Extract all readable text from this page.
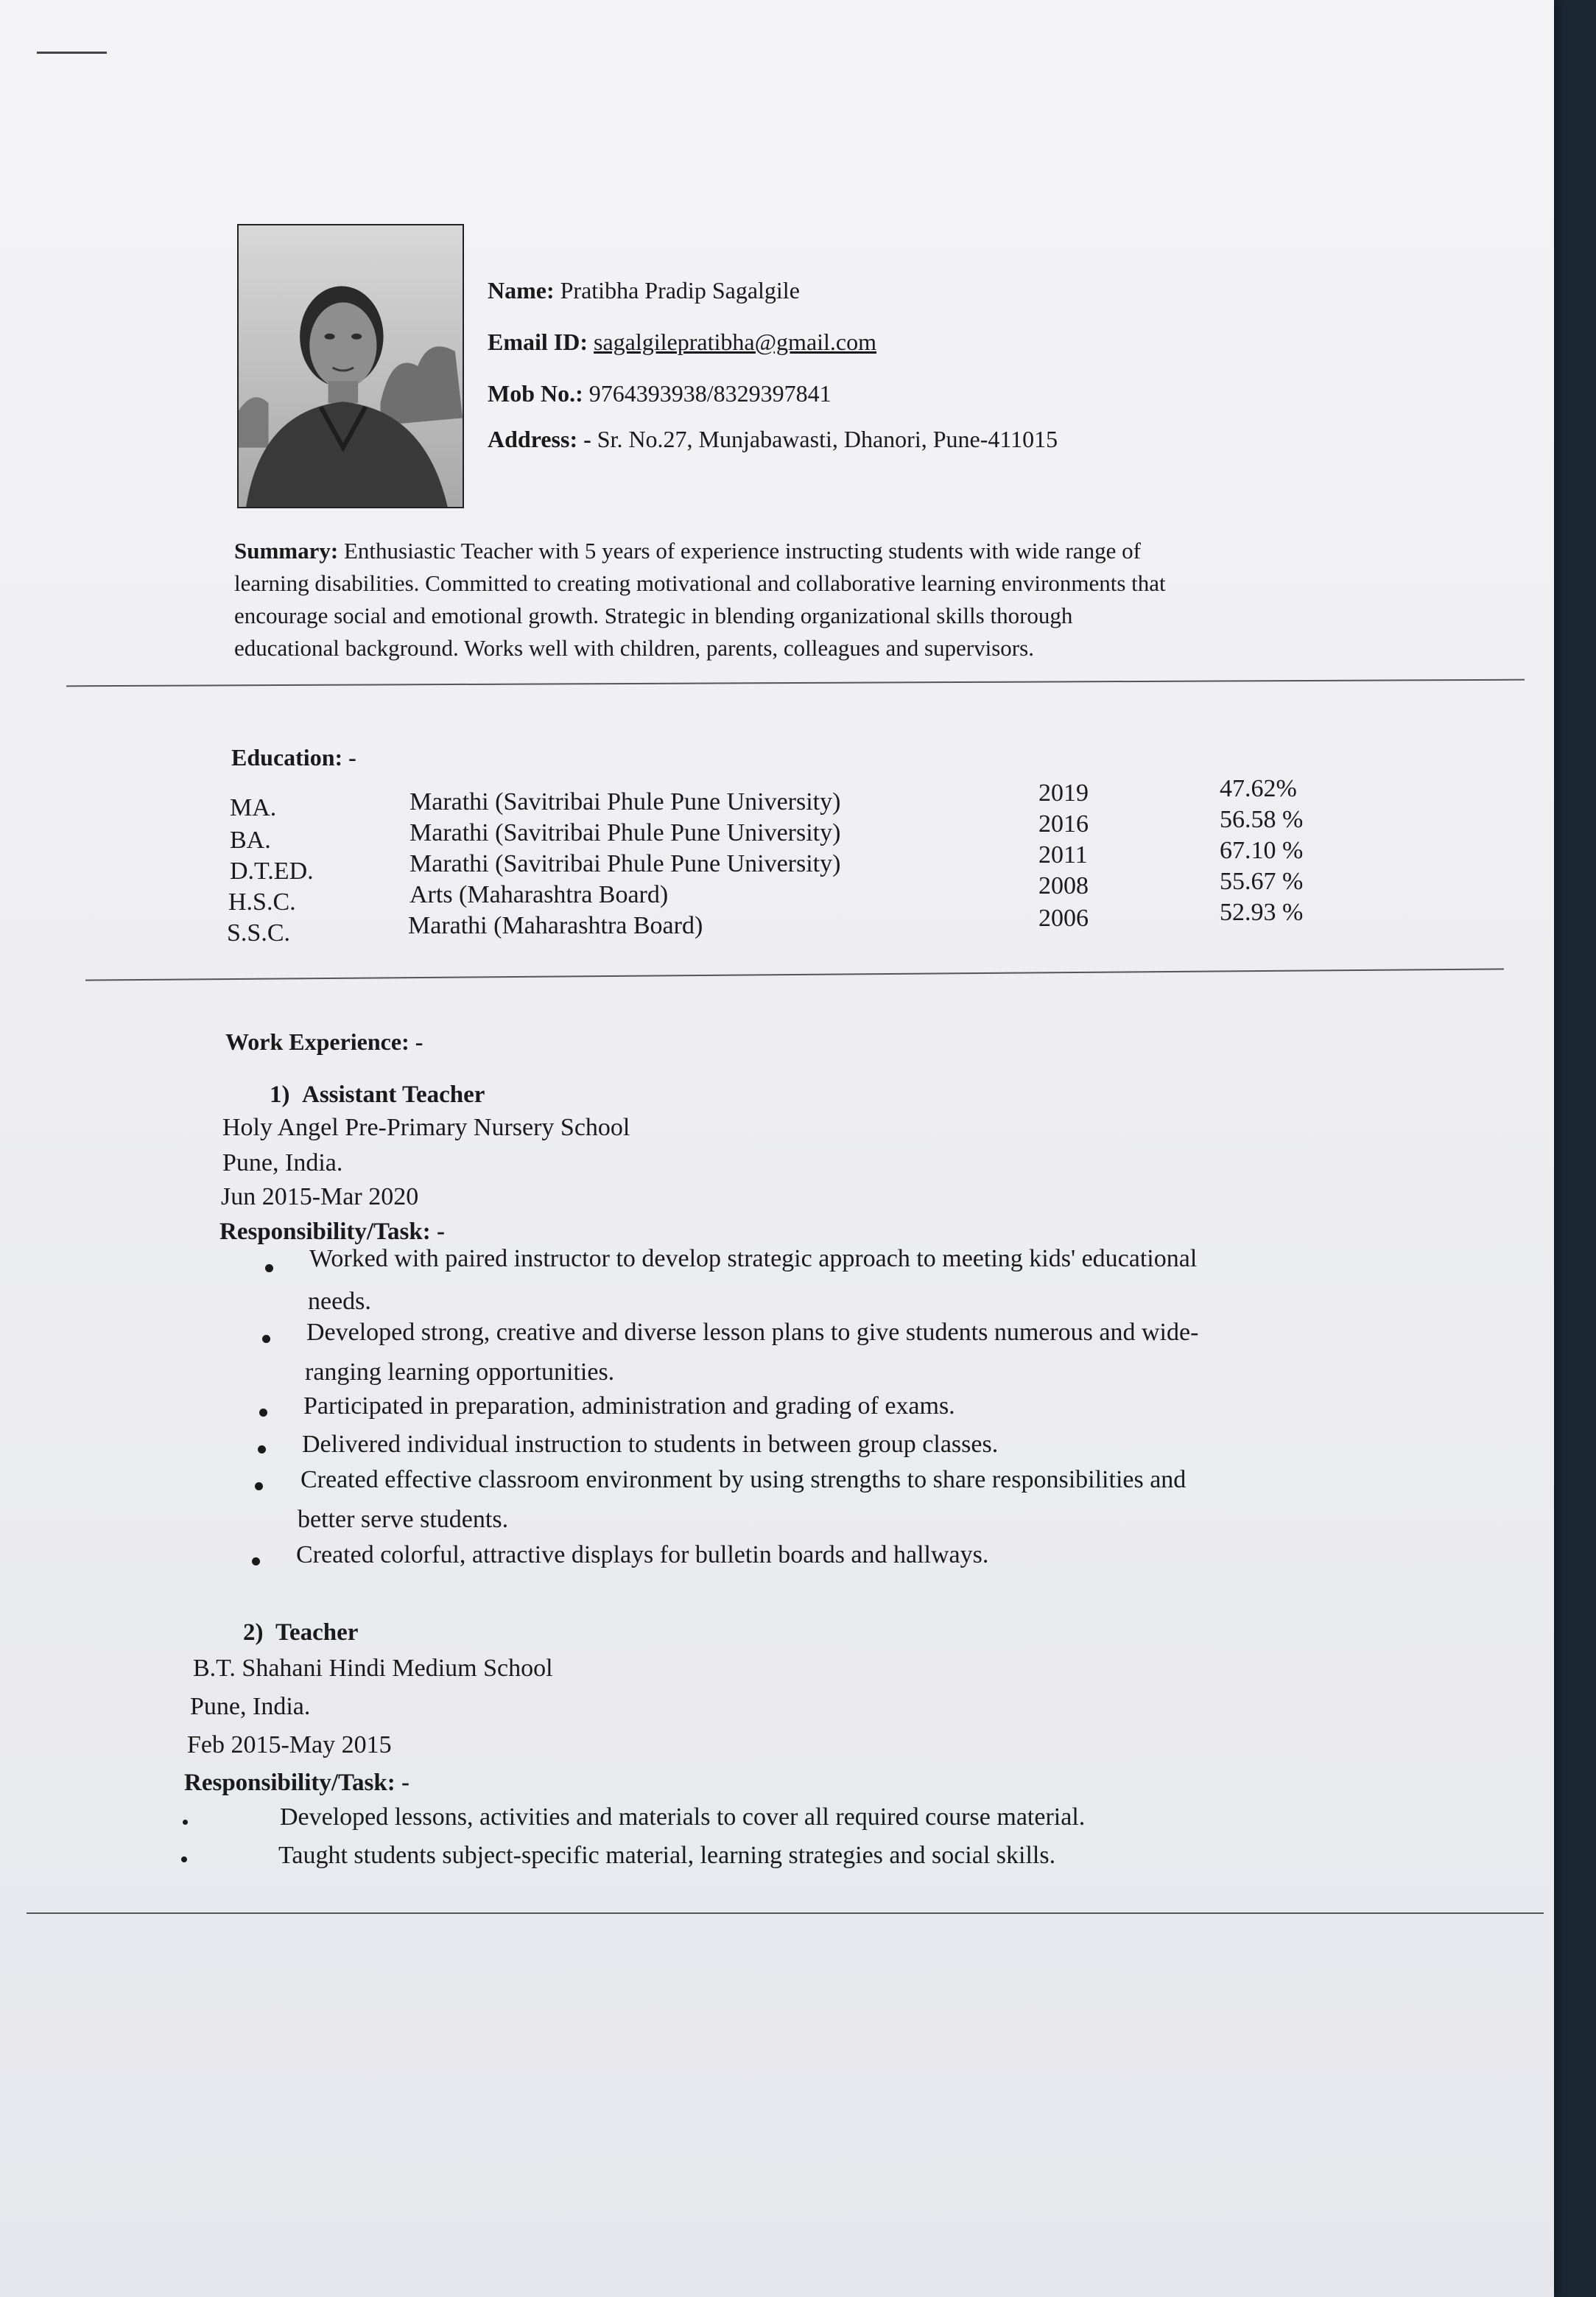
Name: Pratibha Pradip Sagalgile
Email ID: sagalgilepratibha@gmail.com
Mob No.: 9764393938/8329397841
Address: - Sr. No.27, Munjabawasti, Dhanori, Pune-411015
Summary: Enthusiastic Teacher with 5 years of experience instructing students with wide range of
learning disabilities. Committed to creating motivational and collaborative learning environments that
encourage social and emotional growth. Strategic in blending organizational skills thorough
educational background. Works well with children, parents, colleagues and supervisors.
Education: -
MA.	Marathi (Savitribai Phule Pune University)	2019	47.62%
BA.	Marathi (Savitribai Phule Pune University)	2016	56.58 %
D.T.ED.	Marathi (Savitribai Phule Pune University)	2011	67.10 %
H.S.C.	Arts (Maharashtra Board)	2008	55.67 %
S.S.C.	Marathi (Maharashtra Board)	2006	52.93 %
Work Experience: -
1) Assistant Teacher
Holy Angel Pre-Primary Nursery School
Pune, India.
Jun 2015-Mar 2020
Responsibility/Task: -
Worked with paired instructor to develop strategic approach to meeting kids' educational
needs.
Developed strong, creative and diverse lesson plans to give students numerous and wide-
ranging learning opportunities.
Participated in preparation, administration and grading of exams.
Delivered individual instruction to students in between group classes.
Created effective classroom environment by using strengths to share responsibilities and
better serve students.
Created colorful, attractive displays for bulletin boards and hallways.
2) Teacher
B.T. Shahani Hindi Medium School
Pune, India.
Feb 2015-May 2015
Responsibility/Task: -
Developed lessons, activities and materials to cover all required course material.
Taught students subject-specific material, learning strategies and social skills.
